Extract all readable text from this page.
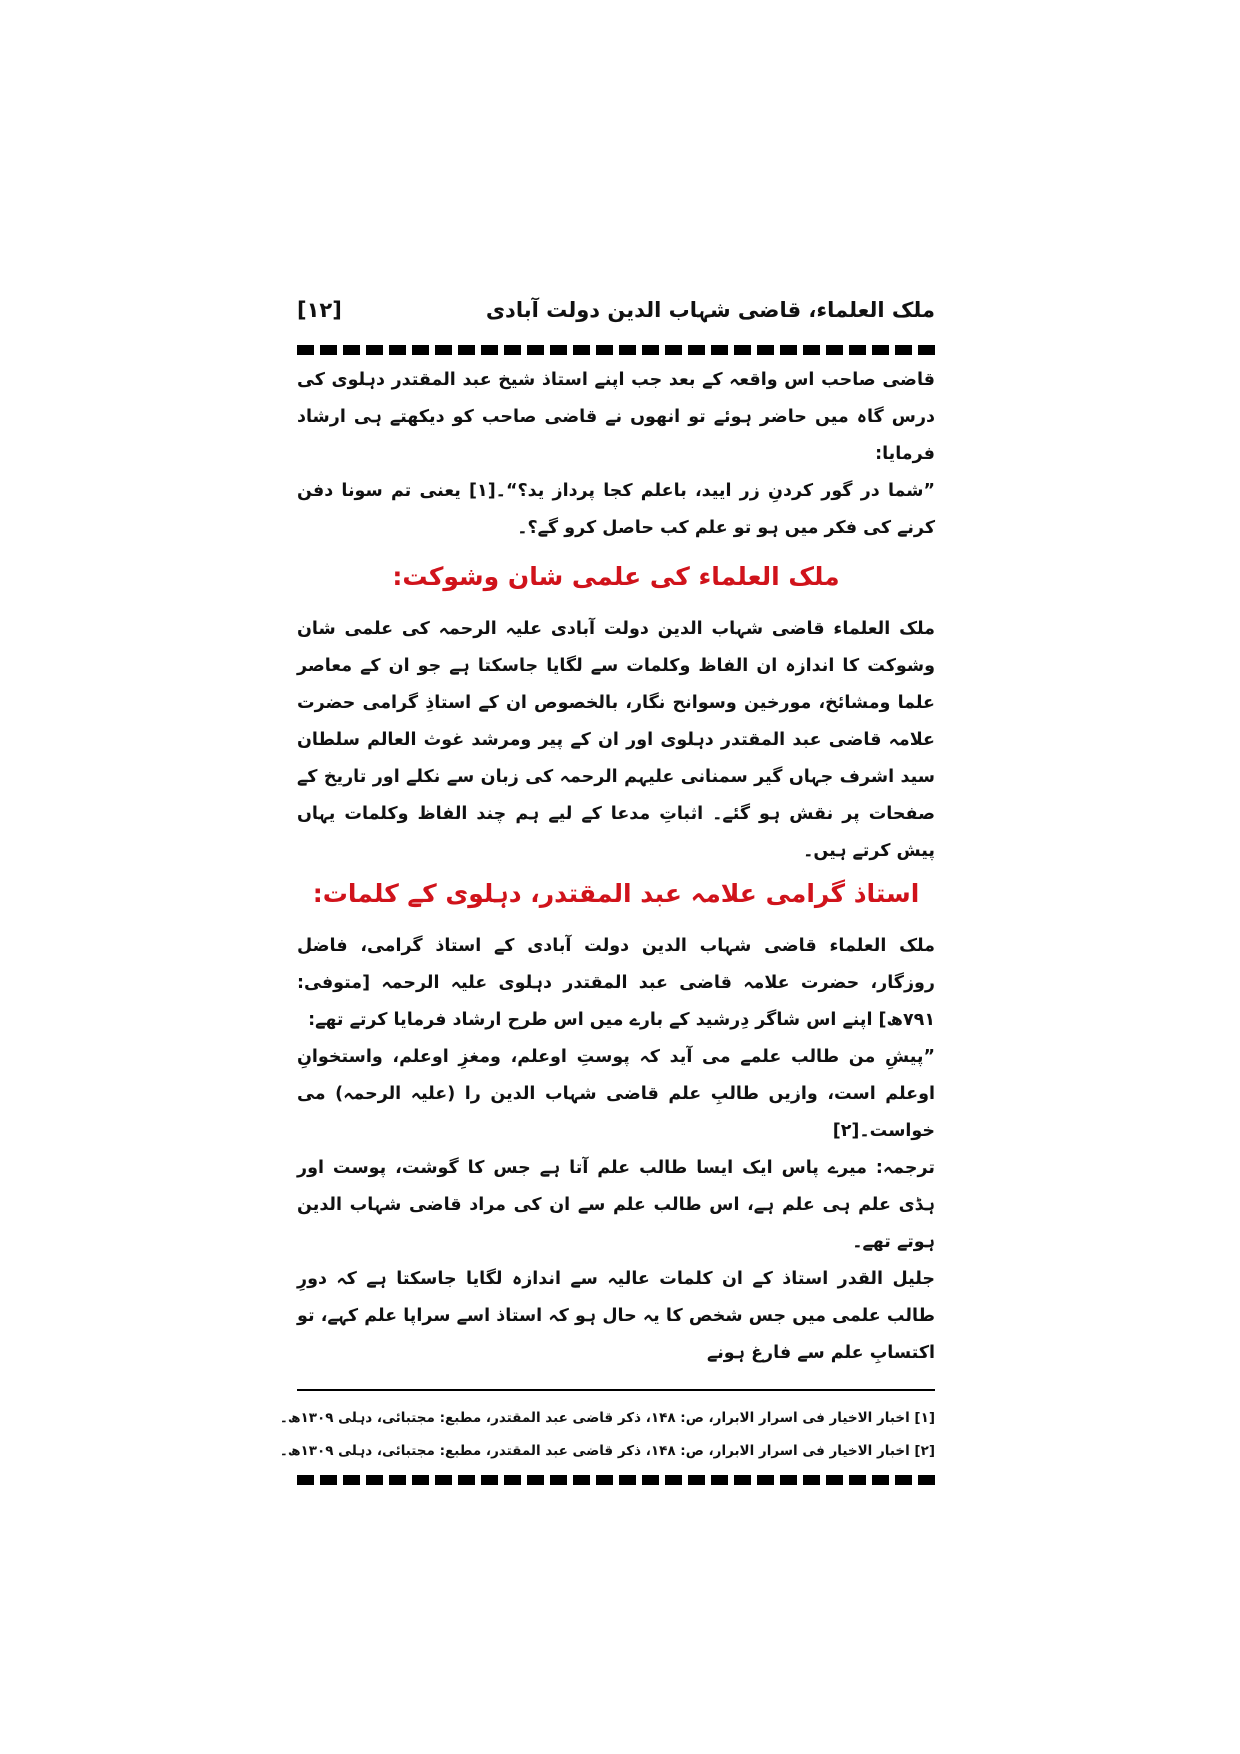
ملک العلماء، قاضی شہاب الدین دولت آبادی
[۱۲]

قاضی صاحب اس واقعہ کے بعد جب اپنے استاذ شیخ عبد المقتدر دہلوی کی درس گاہ میں حاضر ہوئے تو انھوں نے قاضی صاحب کو دیکھتے ہی ارشاد فرمایا:

”شما در گور کردنِ زر ایید، باعلم کجا پرداز ید؟“۔[۱] یعنی تم سونا دفن کرنے کی فکر میں ہو تو علم کب حاصل کرو گے؟۔

ملک العلماء کی علمی شان وشوکت:

ملک العلماء قاضی شہاب الدین دولت آبادی علیہ الرحمہ کی علمی شان وشوکت کا اندازہ ان الفاظ وکلمات سے لگایا جاسکتا ہے جو ان کے معاصر علما ومشائخ، مورخین وسوانح نگار، بالخصوص ان کے استاذِ گرامی حضرت علامہ قاضی عبد المقتدر دہلوی اور ان کے پیر ومرشد غوث العالم سلطان سید اشرف جہاں گیر سمنانی علیہم الرحمہ کی زبان سے نکلے اور تاریخ کے صفحات پر نقش ہو گئے۔ اثباتِ مدعا کے لیے ہم چند الفاظ وکلمات یہاں پیش کرتے ہیں۔

استاذ گرامی علامہ عبد المقتدر، دہلوی کے کلمات:

ملک العلماء قاضی شہاب الدین دولت آبادی کے استاذ گرامی، فاضل روزگار، حضرت علامہ قاضی عبد المقتدر دہلوی علیہ الرحمہ [متوفی: ۷۹۱ھ] اپنے اس شاگر دِرشید کے بارے میں اس طرح ارشاد فرمایا کرتے تھے:

”پیشِ من طالب علمے می آید کہ پوستِ اوعلم، ومغزِ اوعلم، واستخوانِ اوعلم است، وازیں طالبِ علم قاضی شہاب الدین را (علیہ الرحمہ) می خواست۔[۲]

ترجمہ: میرے پاس ایک ایسا طالب علم آتا ہے جس کا گوشت، پوست اور ہڈی علم ہی علم ہے، اس طالب علم سے ان کی مراد قاضی شہاب الدین ہوتے تھے۔

جلیل القدر استاذ کے ان کلمات عالیہ سے اندازہ لگایا جاسکتا ہے کہ دورِ طالب علمی میں جس شخص کا یہ حال ہو کہ استاذ اسے سراپا علم کہے، تو اکتسابِ علم سے فارغ ہونے

[۱] اخبار الاخیار فی اسرار الابرار، ص: ۱۴۸، ذکر قاضی عبد المقتدر، مطبع: مجتبائی، دہلی ۱۳۰۹ھ۔

[۲] اخبار الاخیار فی اسرار الابرار، ص: ۱۴۸، ذکر قاضی عبد المقتدر، مطبع: مجتبائی، دہلی ۱۳۰۹ھ۔
